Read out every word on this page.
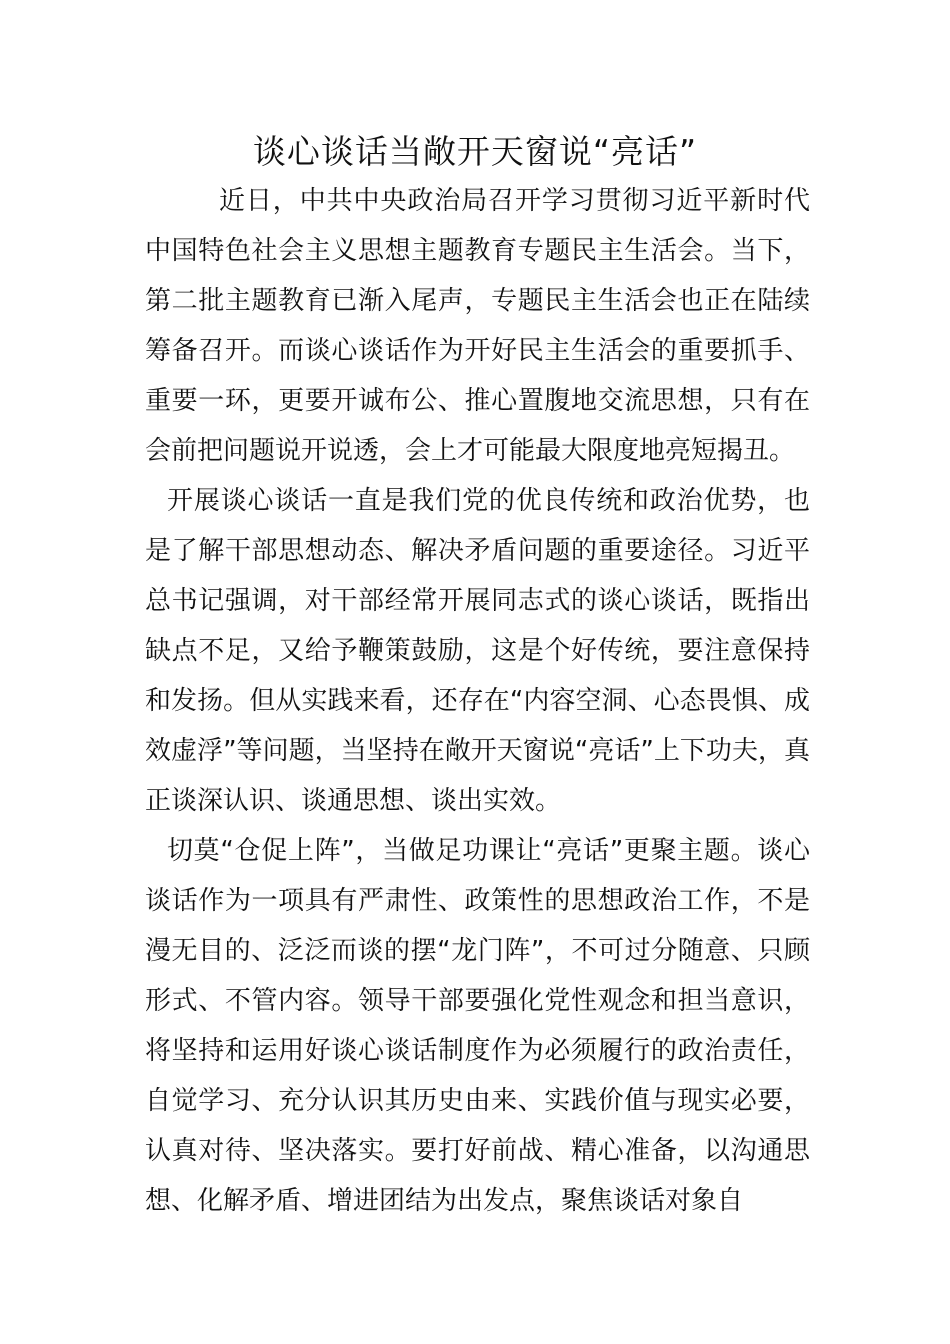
谈心谈话当敞开天窗说“亮话”

近日，中共中央政治局召开学习贯彻习近平新时代中国特色社会主义思想主题教育专题民主生活会。当下，第二批主题教育已渐入尾声，专题民主生活会也正在陆续筹备召开。而谈心谈话作为开好民主生活会的重要抓手、重要一环，更要开诚布公、推心置腹地交流思想，只有在会前把问题说开说透，会上才可能最大限度地亮短揭丑。

开展谈心谈话一直是我们党的优良传统和政治优势，也是了解干部思想动态、解决矛盾问题的重要途径。习近平总书记强调，对干部经常开展同志式的谈心谈话，既指出缺点不足，又给予鞭策鼓励，这是个好传统，要注意保持和发扬。但从实践来看，还存在“内容空洞、心态畏惧、成效虚浮”等问题，当坚持在敞开天窗说“亮话”上下功夫，真正谈深认识、谈通思想、谈出实效。

切莫“仓促上阵”，当做足功课让“亮话”更聚主题。谈心谈话作为一项具有严肃性、政策性的思想政治工作，不是漫无目的、泛泛而谈的摆“龙门阵”，不可过分随意、只顾形式、不管内容。领导干部要强化党性观念和担当意识，将坚持和运用好谈心谈话制度作为必须履行的政治责任，自觉学习、充分认识其历史由来、实践价值与现实必要，认真对待、坚决落实。要打好前战、精心准备，以沟通思想、化解矛盾、增进团结为出发点，聚焦谈话对象自
